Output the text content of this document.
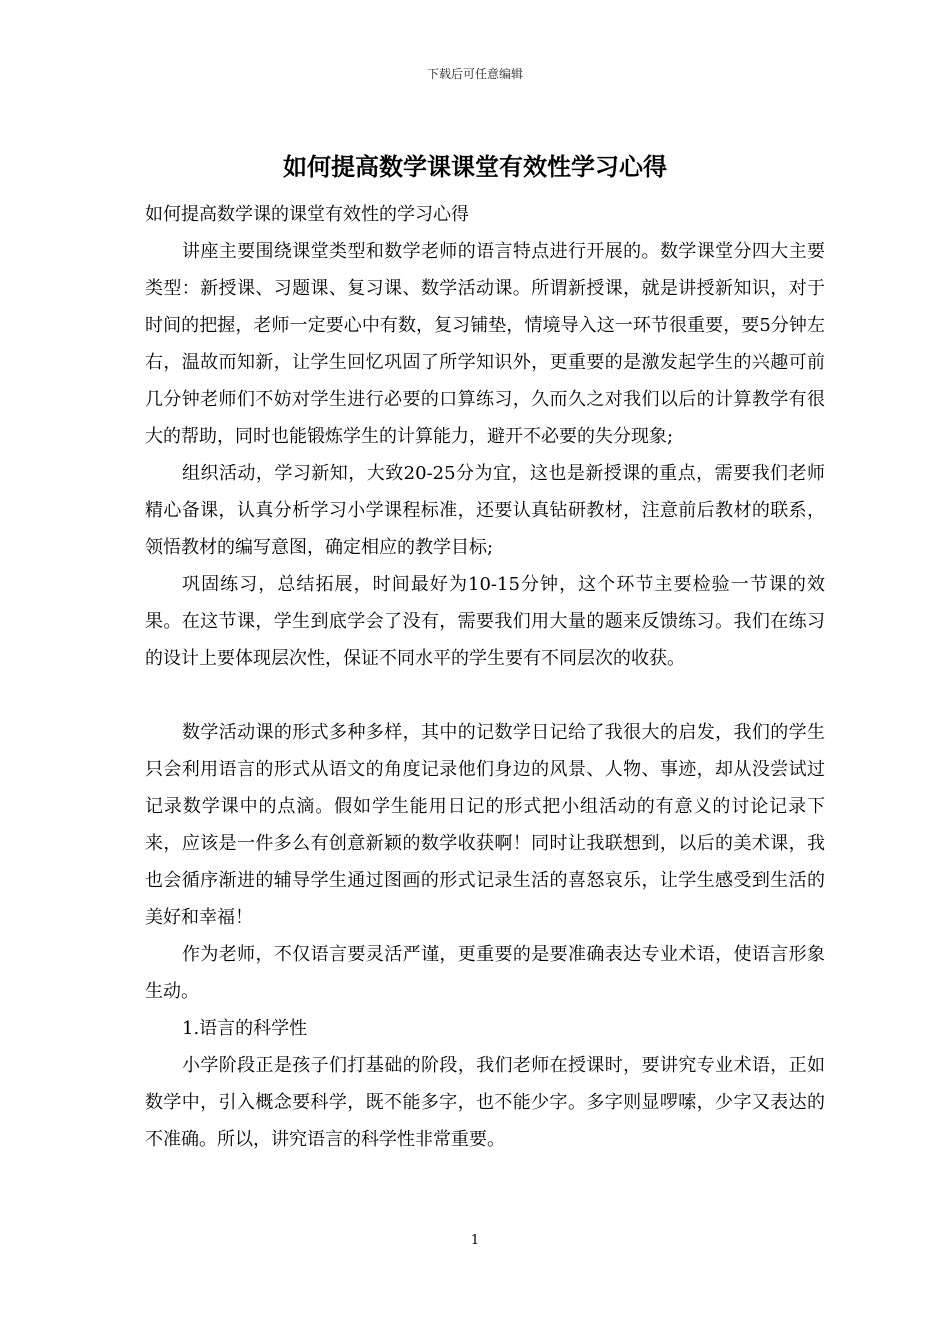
下载后可任意编辑
如何提高数学课课堂有效性学习心得

如何提高数学课的课堂有效性的学习心得

讲座主要围绕课堂类型和数学老师的语言特点进行开展的。数学课堂分四大主要类型：新授课、习题课、复习课、数学活动课。所谓新授课，就是讲授新知识，对于时间的把握，老师一定要心中有数，复习铺垫，情境导入这一环节很重要，要5分钟左右，温故而知新，让学生回忆巩固了所学知识外，更重要的是激发起学生的兴趣可前几分钟老师们不妨对学生进行必要的口算练习，久而久之对我们以后的计算教学有很大的帮助，同时也能锻炼学生的计算能力，避开不必要的失分现象;

组织活动，学习新知，大致20-25分为宜，这也是新授课的重点，需要我们老师精心备课，认真分析学习小学课程标准，还要认真钻研教材，注意前后教材的联系，领悟教材的编写意图，确定相应的教学目标;

巩固练习，总结拓展，时间最好为10-15分钟，这个环节主要检验一节课的效果。在这节课，学生到底学会了没有，需要我们用大量的题来反馈练习。我们在练习的设计上要体现层次性，保证不同水平的学生要有不同层次的收获。

数学活动课的形式多种多样，其中的记数学日记给了我很大的启发，我们的学生只会利用语言的形式从语文的角度记录他们身边的风景、人物、事迹，却从没尝试过记录数学课中的点滴。假如学生能用日记的形式把小组活动的有意义的讨论记录下来，应该是一件多么有创意新颖的数学收获啊！同时让我联想到，以后的美术课，我也会循序渐进的辅导学生通过图画的形式记录生活的喜怒哀乐，让学生感受到生活的美好和幸福！

作为老师，不仅语言要灵活严谨，更重要的是要准确表达专业术语，使语言形象生动。

1.语言的科学性

小学阶段正是孩子们打基础的阶段，我们老师在授课时，要讲究专业术语，正如数学中，引入概念要科学，既不能多字，也不能少字。多字则显啰嗦，少字又表达的不准确。所以，讲究语言的科学性非常重要。

1
